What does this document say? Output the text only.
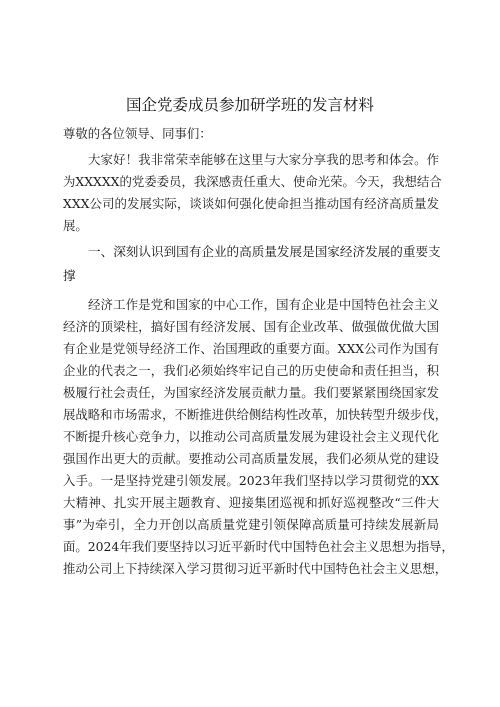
国企党委成员参加研学班的发言材料
尊敬的各位领导、同事们：
大家好！我非常荣幸能够在这里与大家分享我的思考和体会。作
为XXXXX的党委委员，我深感责任重大、使命光荣。今天，我想结合
XXX公司的发展实际，谈谈如何强化使命担当推动国有经济高质量发
展。
一、深刻认识到国有企业的高质量发展是国家经济发展的重要支
撑
经济工作是党和国家的中心工作，国有企业是中国特色社会主义
经济的顶梁柱，搞好国有经济发展、国有企业改革、做强做优做大国
有企业是党领导经济工作、治国理政的重要方面。XXX公司作为国有
企业的代表之一，我们必须始终牢记自己的历史使命和责任担当，积
极履行社会责任，为国家经济发展贡献力量。我们要紧紧围绕国家发
展战略和市场需求，不断推进供给侧结构性改革，加快转型升级步伐，
不断提升核心竞争力，以推动公司高质量发展为建设社会主义现代化
强国作出更大的贡献。要推动公司高质量发展，我们必须从党的建设
入手。一是坚持党建引领发展。2023年我们坚持以学习贯彻党的XX
大精神、扎实开展主题教育、迎接集团巡视和抓好巡视整改“三件大
事”为牵引，全力开创以高质量党建引领保障高质量可持续发展新局
面。2024年我们要坚持以习近平新时代中国特色社会主义思想为指导，
推动公司上下持续深入学习贯彻习近平新时代中国特色社会主义思想，
